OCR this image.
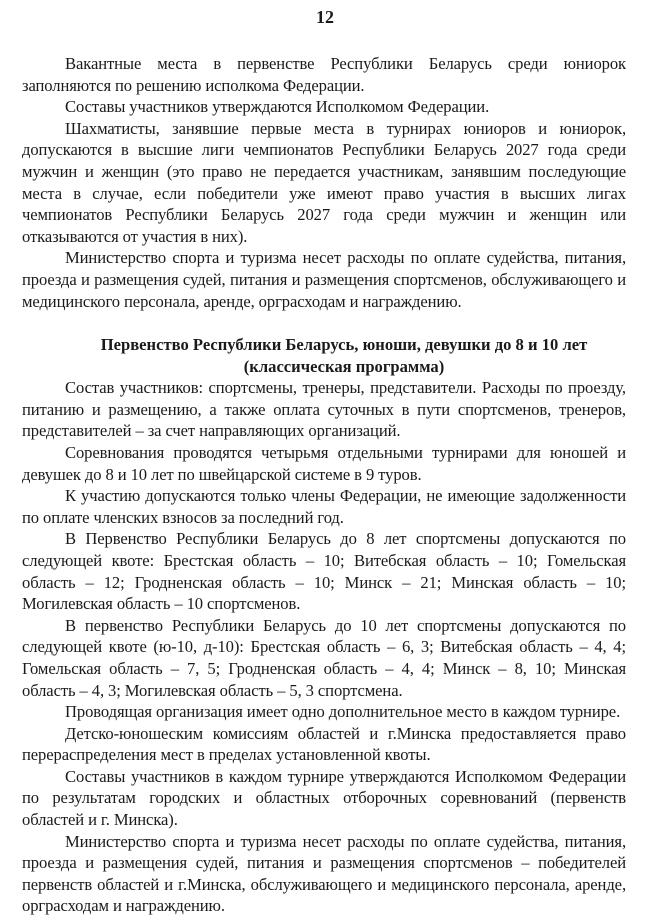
12

Вакантные места в первенстве Республики Беларусь среди юниорок заполняются по решению исполкома Федерации.

Составы участников утверждаются Исполкомом Федерации.

Шахматисты, занявшие первые места в турнирах юниоров и юниорок, допускаются в высшие лиги чемпионатов Республики Беларусь 2027 года среди мужчин и женщин (это право не передается участникам, занявшим последующие места в случае, если победители уже имеют право участия в высших лигах чемпионатов Республики Беларусь 2027 года среди мужчин и женщин или отказываются от участия в них).

Министерство спорта и туризма несет расходы по оплате судейства, питания, проезда и размещения судей, питания и размещения спортсменов, обслуживающего и медицинского персонала, аренде, орграсходам и награждению.

Первенство Республики Беларусь, юноши, девушки до 8 и 10 лет
(классическая программа)

Состав участников: спортсмены, тренеры, представители. Расходы по проезду, питанию и размещению, а также оплата суточных в пути спортсменов, тренеров, представителей – за счет направляющих организаций.

Соревнования проводятся четырьмя отдельными турнирами для юношей и девушек до 8 и 10 лет по швейцарской системе в 9 туров.

К участию допускаются только члены Федерации, не имеющие задолженности по оплате членских взносов за последний год.

В Первенство Республики Беларусь до 8 лет спортсмены допускаются по следующей квоте: Брестская область – 10; Витебская область – 10; Гомельская область – 12; Гродненская область – 10; Минск – 21; Минская область – 10; Могилевская область – 10 спортсменов.

В первенство Республики Беларусь до 10 лет спортсмены допускаются по следующей квоте (ю-10, д-10): Брестская область – 6, 3; Витебская область – 4, 4; Гомельская область – 7, 5; Гродненская область – 4, 4; Минск – 8, 10; Минская область – 4, 3; Могилевская область – 5, 3 спортсмена.

Проводящая организация имеет одно дополнительное место в каждом турнире.

Детско-юношеским комиссиям областей и г.Минска предоставляется право перераспределения мест в пределах установленной квоты.

Составы участников в каждом турнире утверждаются Исполкомом Федерации по результатам городских и областных отборочных соревнований (первенств областей и г. Минска).

Министерство спорта и туризма несет расходы по оплате судейства, питания, проезда и размещения судей, питания и размещения спортсменов – победителей первенств областей и г.Минска, обслуживающего и медицинского персонала, аренде, орграсходам и награждению.
